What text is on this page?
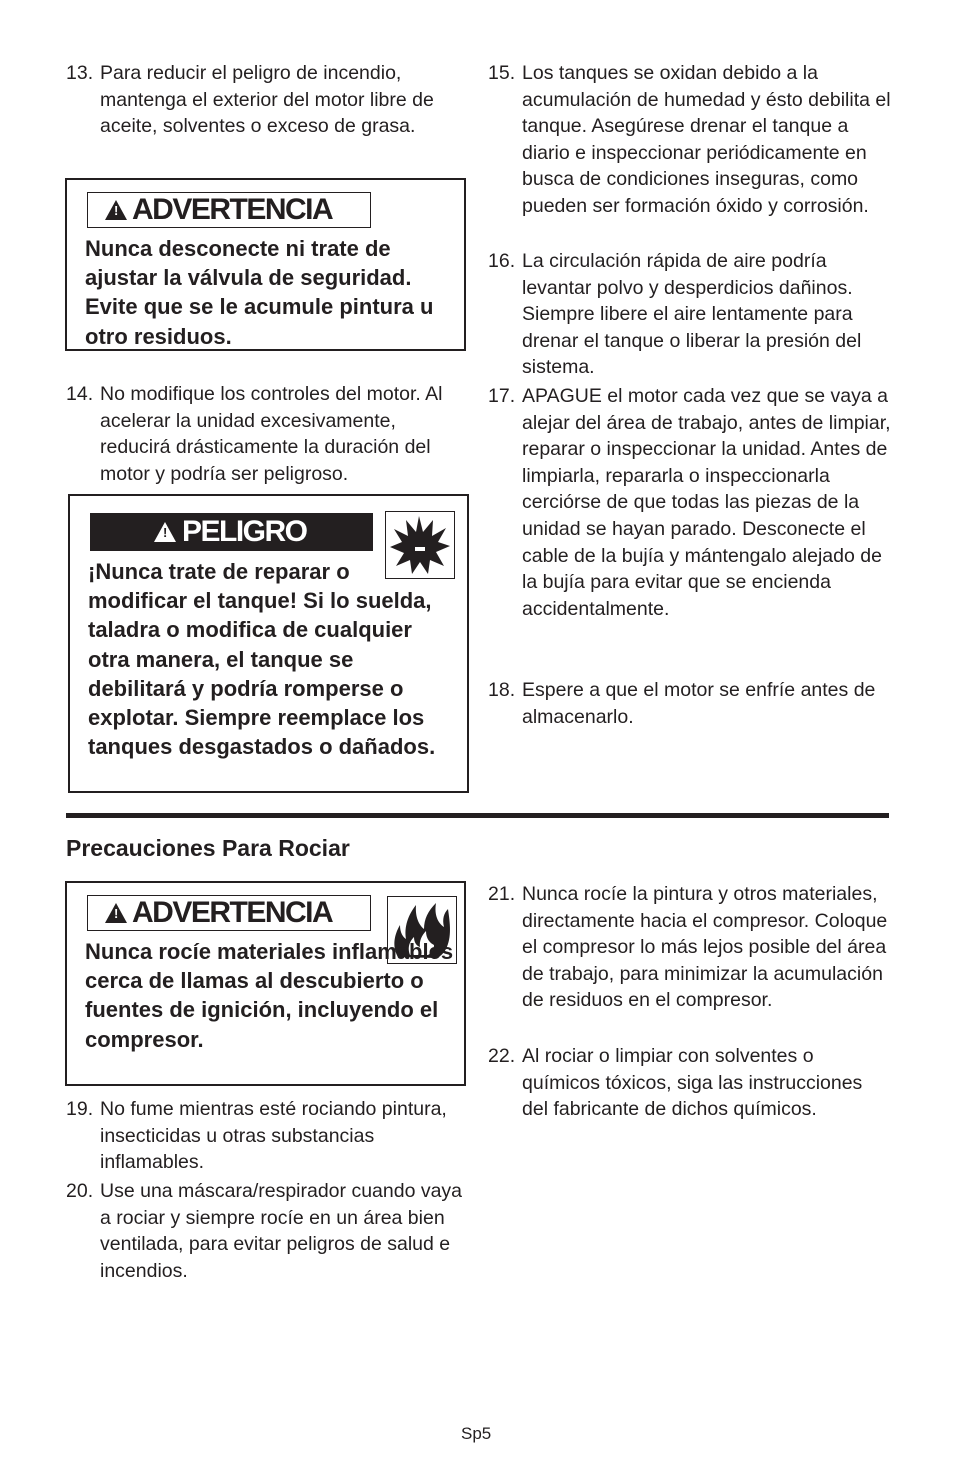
13. Para reducir el peligro de incendio, mantenga el exterior del motor libre de aceite, solventes o exceso de grasa.
!
ADVERTENCIA
Nunca desconecte ni trate de ajustar la válvula de seguridad. Evite que se le acumule pintura u otro residuos.
14. No modifique los controles del motor. Al acelerar la unidad excesivamente, reducirá drásticamente la duración del motor y podría ser peligroso.
!
PELIGRO
¡Nunca trate de reparar o modificar el tanque! Si lo suelda, taladra o modifica de cualquier otra manera, el tanque se debilitará y podría romperse o explotar. Siempre reemplace los tanques desgastados o dañados.
15. Los tanques se oxidan debido a la acumulación de humedad y ésto debilita el tanque. Asegúrese drenar el tanque a diario e inspeccionar periódicamente en busca de condiciones inseguras, como pueden ser formación óxido y corrosión.
16. La circulación rápida de aire podría levantar polvo y desperdicios dañinos. Siempre libere el aire lentamente para drenar el tanque o liberar la presión del sistema.
17. APAGUE el motor cada vez que se vaya a alejar del área de trabajo, antes de limpiar, reparar o inspeccionar la unidad. Antes de limpiarla, repararla o inspeccionarla cerciórse de que todas las piezas de la unidad se hayan parado. Desconecte el cable de la bujía y mántengalo alejado de la bujía para evitar que se encienda accidentalmente.
18. Espere a que el motor se enfríe antes de almacenarlo.
Precauciones Para Rociar
!
ADVERTENCIA
Nunca rocíe materiales inflamables cerca de llamas al descubierto o fuentes de ignición, incluyendo el compresor.
19. No fume mientras esté rociando pintura, insecticidas u otras substancias inflamables.
20. Use una máscara/respirador cuando vaya a rociar y siempre rocíe en un área bien ventilada, para evitar peligros de salud e incendios.
21. Nunca rocíe la pintura y otros materiales, directamente hacia el compresor. Coloque el compresor lo más lejos posible del área de trabajo, para minimizar la acumulación de residuos en el compresor.
22. Al rociar o limpiar con solventes o químicos tóxicos, siga las instrucciones del fabricante de dichos químicos.
Sp5
